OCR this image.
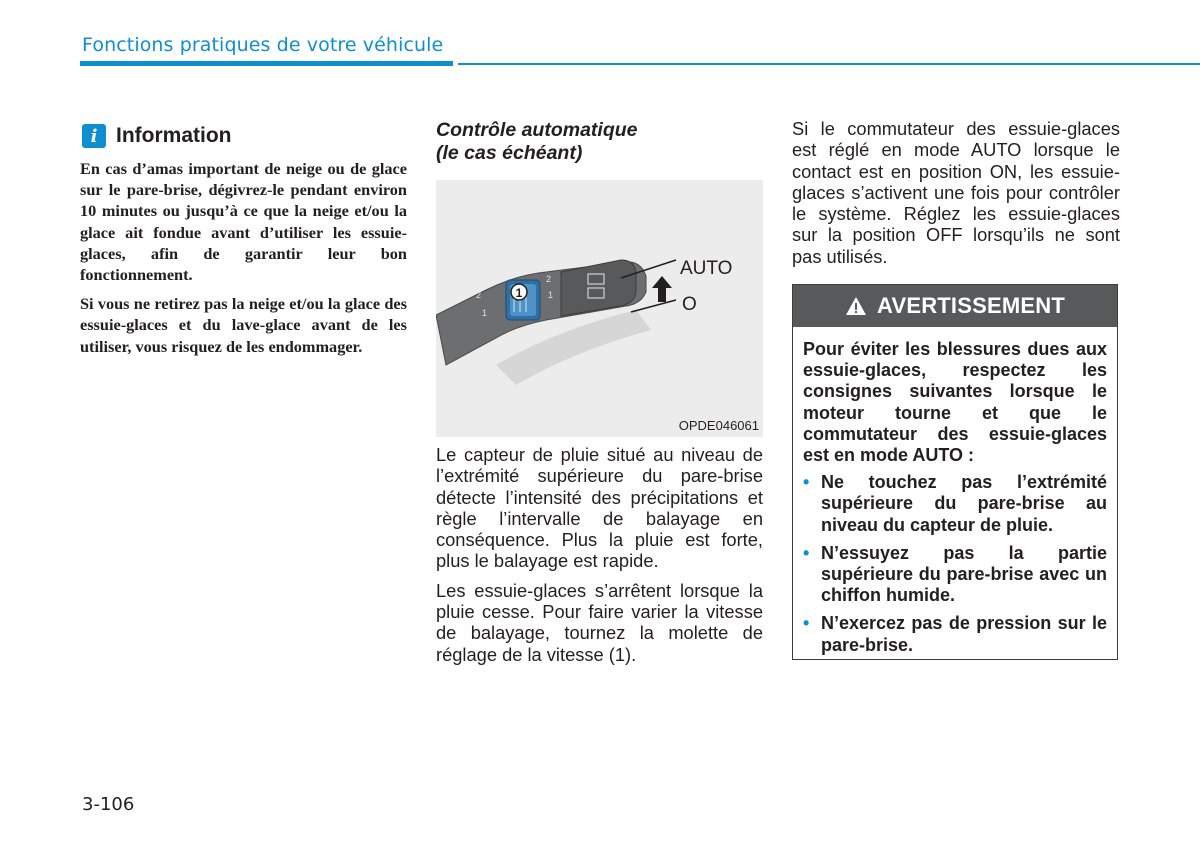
Fonctions pratiques de votre véhicule
i Information

En cas d’amas important de neige ou de glace sur le pare-brise, dégivrez-le pendant environ 10 minutes ou jusqu’à ce que la neige et/ou la glace ait fondue avant d’utiliser les essuie-glaces, afin de garantir leur bon fonctionnement.

Si vous ne retirez pas la neige et/ou la glace des essuie-glaces et du lave-glace avant de les utiliser, vous risquez de les endommager.

Contrôle automatique
(le cas échéant)
1
2
1
2
1
AUTO
O
OPDE046061

Le capteur de pluie situé au niveau de l’extrémité supérieure du pare-brise détecte l’intensité des précipitations et règle l’intervalle de balayage en conséquence. Plus la pluie est forte, plus le balayage est rapide.

Les essuie-glaces s’arrêtent lorsque la pluie cesse. Pour faire varier la vitesse de balayage, tournez la molette de réglage de la vitesse (1).

Si le commutateur des essuie-glaces est réglé en mode AUTO lorsque le contact est en position ON, les essuie-glaces s’activent une fois pour contrôler le système. Réglez les essuie-glaces sur la position OFF lorsqu’ils ne sont pas utilisés.

AVERTISSEMENT
Pour éviter les blessures dues aux essuie-glaces, respectez les consignes suivantes lorsque le moteur tourne et que le commutateur des essuie-glaces est en mode AUTO :
• Ne touchez pas l’extrémité supérieure du pare-brise au niveau du capteur de pluie.
• N’essuyez pas la partie supérieure du pare-brise avec un chiffon humide.
• N’exercez pas de pression sur le pare-brise.
3-106
